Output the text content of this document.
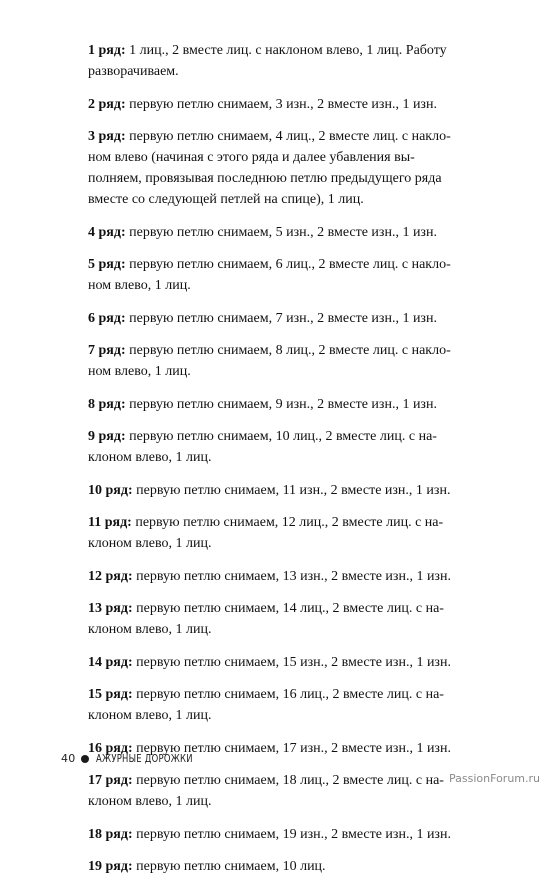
1 ряд: 1 лиц., 2 вместе лиц. с наклоном влево, 1 лиц. Работу
разворачиваем.

2 ряд: первую петлю снимаем, 3 изн., 2 вместе изн., 1 изн.

3 ряд: первую петлю снимаем, 4 лиц., 2 вместе лиц. с накло-
ном влево (начиная с этого ряда и далее убавления вы-
полняем, провязывая последнюю петлю предыдущего ряда
вместе со следующей петлей на спице), 1 лиц.

4 ряд: первую петлю снимаем, 5 изн., 2 вместе изн., 1 изн.

5 ряд: первую петлю снимаем, 6 лиц., 2 вместе лиц. с накло-
ном влево, 1 лиц.

6 ряд: первую петлю снимаем, 7 изн., 2 вместе изн., 1 изн.

7 ряд: первую петлю снимаем, 8 лиц., 2 вместе лиц. с накло-
ном влево, 1 лиц.

8 ряд: первую петлю снимаем, 9 изн., 2 вместе изн., 1 изн.

9 ряд: первую петлю снимаем, 10 лиц., 2 вместе лиц. с на-
клоном влево, 1 лиц.

10 ряд: первую петлю снимаем, 11 изн., 2 вместе изн., 1 изн.

11 ряд: первую петлю снимаем, 12 лиц., 2 вместе лиц. с на-
клоном влево, 1 лиц.

12 ряд: первую петлю снимаем, 13 изн., 2 вместе изн., 1 изн.

13 ряд: первую петлю снимаем, 14 лиц., 2 вместе лиц. с на-
клоном влево, 1 лиц.

14 ряд: первую петлю снимаем, 15 изн., 2 вместе изн., 1 изн.

15 ряд: первую петлю снимаем, 16 лиц., 2 вместе лиц. с на-
клоном влево, 1 лиц.

16 ряд: первую петлю снимаем, 17 изн., 2 вместе изн., 1 изн.

17 ряд: первую петлю снимаем, 18 лиц., 2 вместе лиц. с на-
клоном влево, 1 лиц.

18 ряд: первую петлю снимаем, 19 изн., 2 вместе изн., 1 изн.

19 ряд: первую петлю снимаем, 10 лиц.

40 АЖУРНЫЕ ДОРОЖКИ
PassionForum.ru
